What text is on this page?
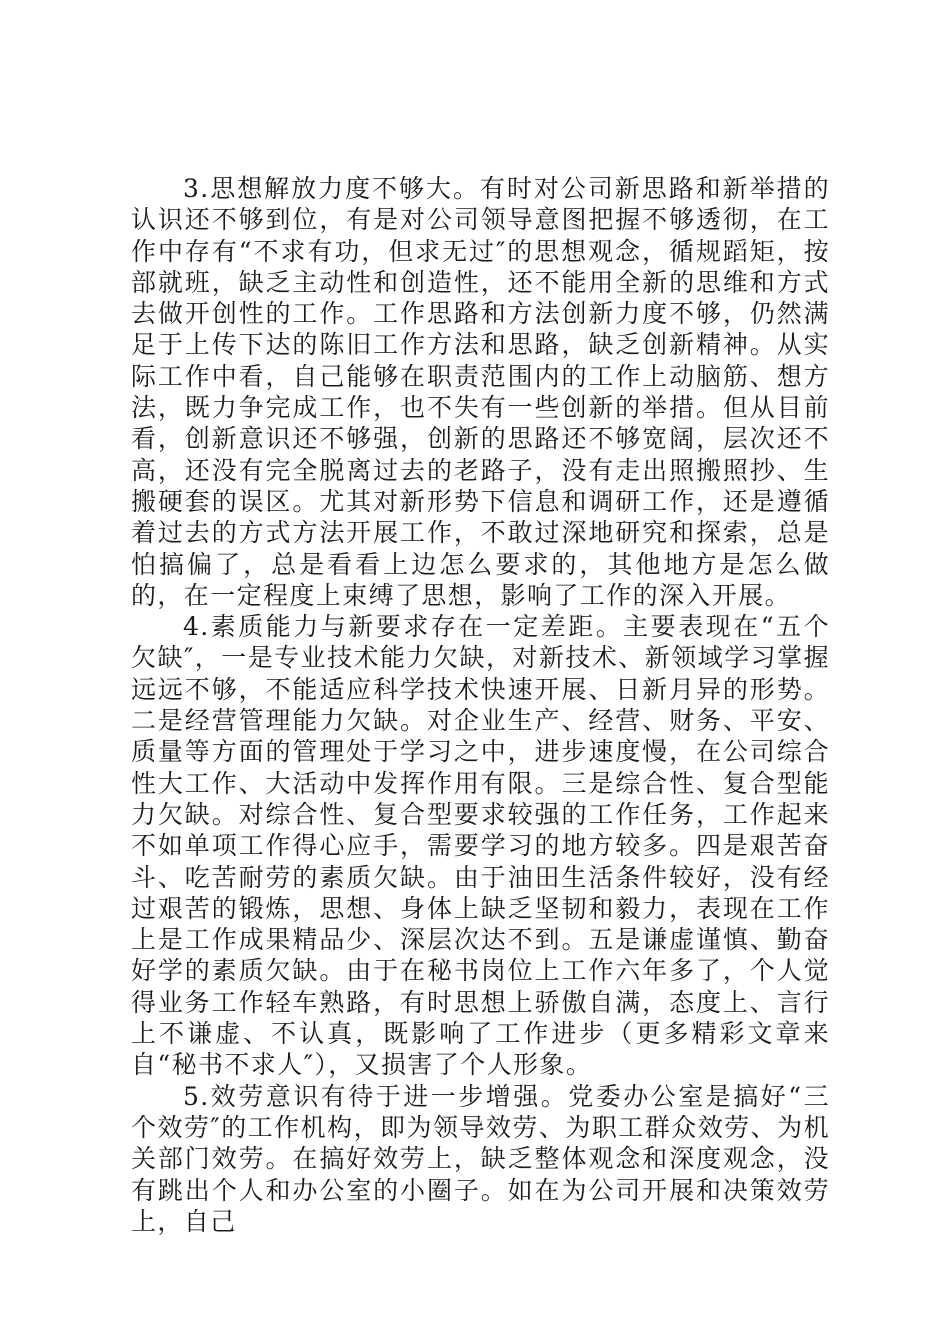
3.思想解放力度不够大。有时对公司新思路和新举措的认识还不够到位，有是对公司领导意图把握不够透彻，在工作中存有“不求有功，但求无过″的思想观念，循规蹈矩，按部就班，缺乏主动性和创造性，还不能用全新的思维和方式去做开创性的工作。工作思路和方法创新力度不够，仍然满足于上传下达的陈旧工作方法和思路，缺乏创新精神。从实际工作中看，自己能够在职责范围内的工作上动脑筋、想方法，既力争完成工作，也不失有一些创新的举措。但从目前看，创新意识还不够强，创新的思路还不够宽阔，层次还不高，还没有完全脱离过去的老路子，没有走出照搬照抄、生搬硬套的误区。尤其对新形势下信息和调研工作，还是遵循着过去的方式方法开展工作，不敢过深地研究和探索，总是怕搞偏了，总是看看上边怎么要求的，其他地方是怎么做的，在一定程度上束缚了思想，影响了工作的深入开展。

4.素质能力与新要求存在一定差距。主要表现在“五个欠缺″，一是专业技术能力欠缺，对新技术、新领域学习掌握远远不够，不能适应科学技术快速开展、日新月异的形势。二是经营管理能力欠缺。对企业生产、经营、财务、平安、质量等方面的管理处于学习之中，进步速度慢，在公司综合性大工作、大活动中发挥作用有限。三是综合性、复合型能力欠缺。对综合性、复合型要求较强的工作任务，工作起来不如单项工作得心应手，需要学习的地方较多。四是艰苦奋斗、吃苦耐劳的素质欠缺。由于油田生活条件较好，没有经过艰苦的锻炼，思想、身体上缺乏坚韧和毅力，表现在工作上是工作成果精品少、深层次达不到。五是谦虚谨慎、勤奋好学的素质欠缺。由于在秘书岗位上工作六年多了，个人觉得业务工作轻车熟路，有时思想上骄傲自满，态度上、言行上不谦虚、不认真，既影响了工作进步（更多精彩文章来自“秘书不求人″），又损害了个人形象。

5.效劳意识有待于进一步增强。党委办公室是搞好“三个效劳″的工作机构，即为领导效劳、为职工群众效劳、为机关部门效劳。在搞好效劳上，缺乏整体观念和深度观念，没有跳出个人和办公室的小圈子。如在为公司开展和决策效劳上，自己
